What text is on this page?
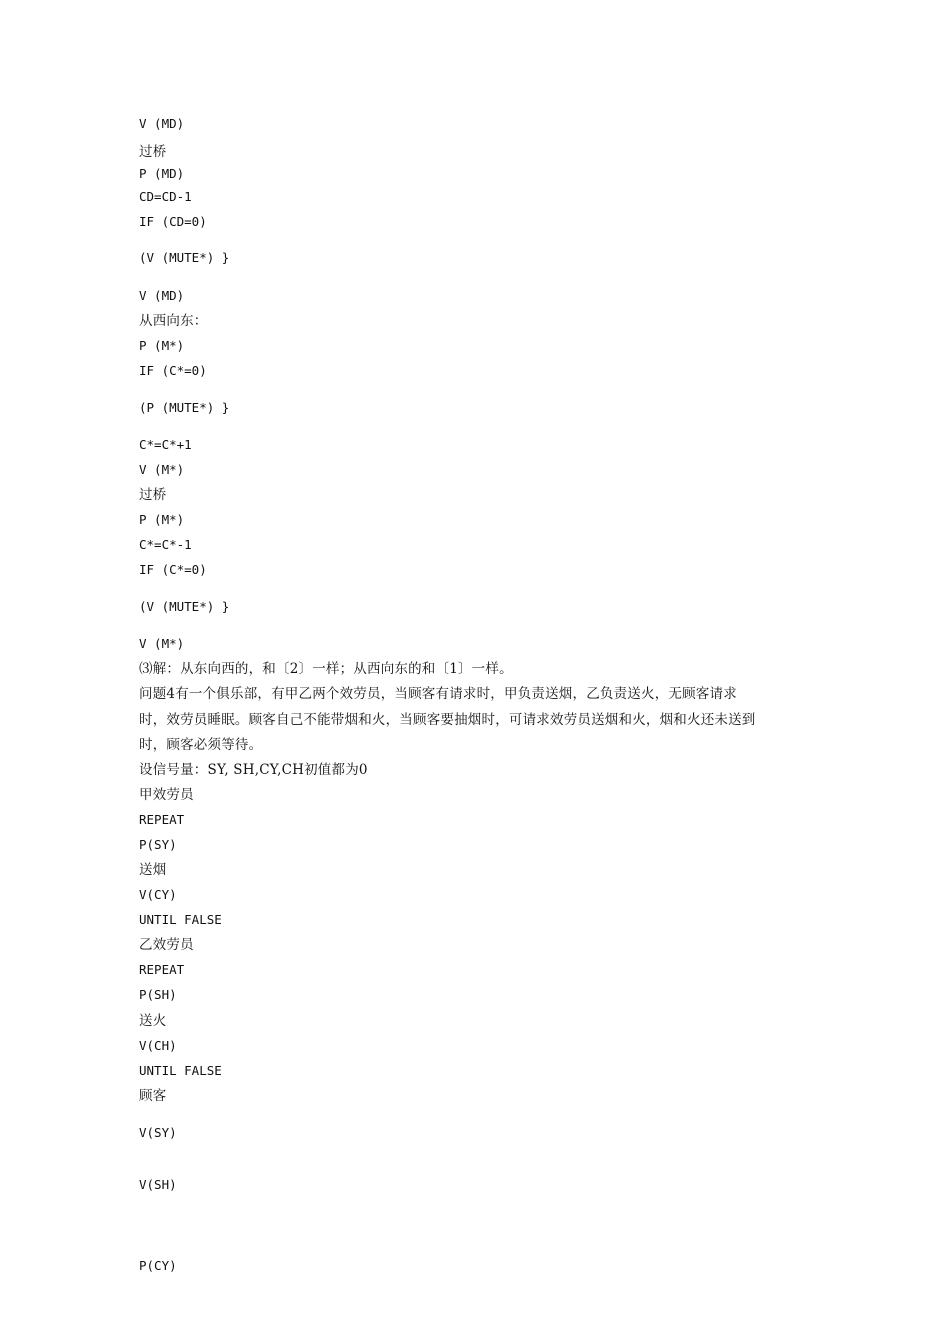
V (MD)
过桥
P (MD)
CD=CD-1
IF (CD=0)
(V (MUTE*) }
V (MD)
从西向东：
P (M*)
IF (C*=0)
(P (MUTE*) }
C*=C*+1
V (M*)
过桥
P (M*)
C*=C*-1
IF (C*=0)
(V (MUTE*) }
V (M*)
⑶解：从东向西的，和〔2〕一样；从西向东的和〔1〕一样。
问题4有一个俱乐部，有甲乙两个效劳员，当顾客有请求时，甲负责送烟，乙负责送火，无顾客请求
时，效劳员睡眠。顾客自己不能带烟和火，当顾客要抽烟时，可请求效劳员送烟和火，烟和火还未送到
时，顾客必须等待。
设信号量：SY, SH,CY,CH初值都为0
甲效劳员
REPEAT
P(SY)
送烟
V(CY)
UNTIL FALSE
乙效劳员
REPEAT
P(SH)
送火
V(CH)
UNTIL FALSE
顾客
V(SY)
V(SH)
P(CY)
